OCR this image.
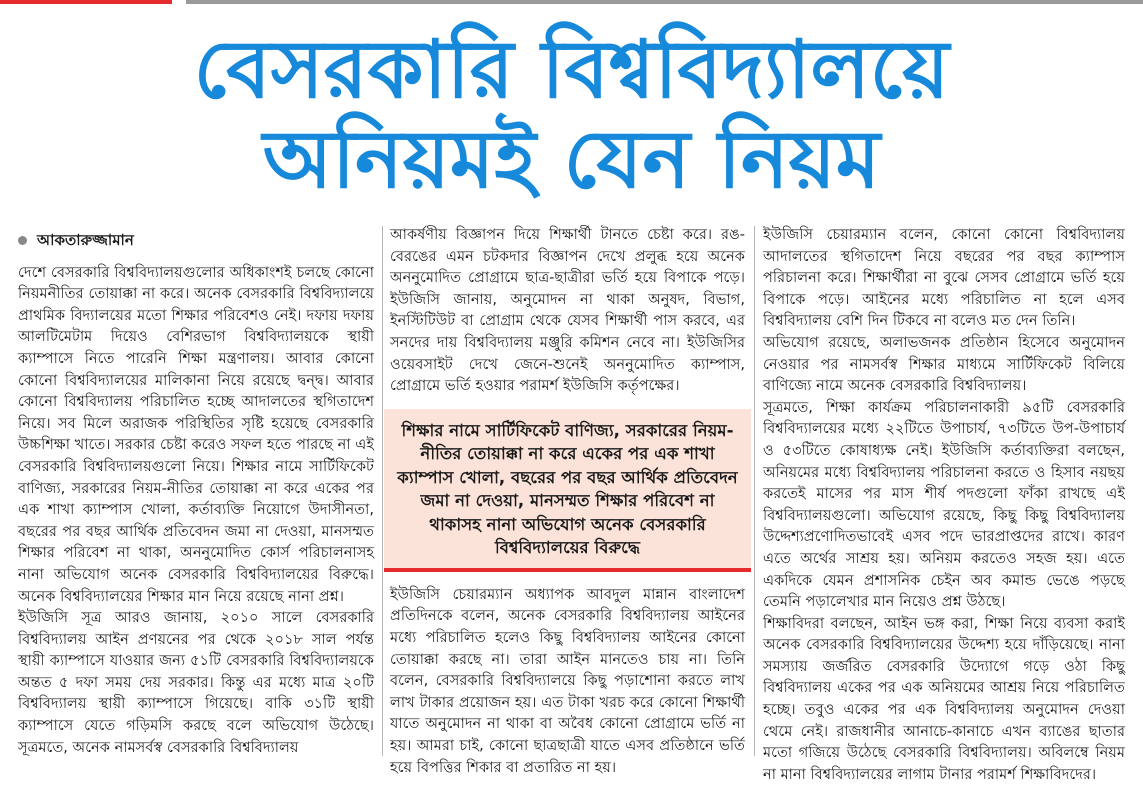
বেসরকারি বিশ্ববিদ্যালয়ে
অনিয়মই যেন নিয়ম
আকতারুজ্জামান

দেশে বেসরকারি বিশ্ববিদ্যালয়গুলোর অধিকাংশই চলছে কোনো নিয়মনীতির তোয়াক্কা না করে। অনেক বেসরকারি বিশ্ববিদ্যালয়ে প্রাথমিক বিদ্যালয়ের মতো শিক্ষার পরিবেশও নেই। দফায় দফায় আলটিমেটাম দিয়েও বেশিরভাগ বিশ্ববিদ্যালয়কে স্থায়ী ক্যাম্পাসে নিতে পারেনি শিক্ষা মন্ত্রণালয়। আবার কোনো কোনো বিশ্ববিদ্যালয়ের মালিকানা নিয়ে রয়েছে দ্বন্দ্ব। আবার কোনো বিশ্ববিদ্যালয় পরিচালিত হচ্ছে আদালতের স্থগিতাদেশ নিয়ে। সব মিলে অরাজক পরিস্থিতির সৃষ্টি হয়েছে বেসরকারি উচ্চশিক্ষা খাতে। সরকার চেষ্টা করেও সফল হতে পারছে না এই বেসরকারি বিশ্ববিদ্যালয়গুলো নিয়ে। শিক্ষার নামে সার্টিফিকেট বাণিজ্য, সরকারের নিয়ম-নীতির তোয়াক্কা না করে একের পর এক শাখা ক্যাম্পাস খোলা, কর্তাব্যক্তি নিয়োগে উদাসীনতা, বছরের পর বছর আর্থিক প্রতিবেদন জমা না দেওয়া, মানসম্মত শিক্ষার পরিবেশ না থাকা, অননুমোদিত কোর্স পরিচালনাসহ নানা অভিযোগ অনেক বেসরকারি বিশ্ববিদ্যালয়ের বিরুদ্ধে। অনেক বিশ্ববিদ্যালয়ের শিক্ষার মান নিয়ে রয়েছে নানা প্রশ্ন।

ইউজিসি সূত্র আরও জানায়, ২০১০ সালে বেসরকারি বিশ্ববিদ্যালয় আইন প্রণয়নের পর থেকে ২০১৮ সাল পর্যন্ত স্থায়ী ক্যাম্পাসে যাওয়ার জন্য ৫১টি বেসরকারি বিশ্ববিদ্যালয়কে অন্তত ৫ দফা সময় দেয় সরকার। কিন্তু এর মধ্যে মাত্র ২০টি বিশ্ববিদ্যালয় স্থায়ী ক্যাম্পাসে গিয়েছে। বাকি ৩১টি স্থায়ী ক্যাম্পাসে যেতে গড়িমসি করছে বলে অভিযোগ উঠেছে। সূত্রমতে, অনেক নামসর্বস্ব বেসরকারি বিশ্ববিদ্যালয়

আকর্ষণীয় বিজ্ঞাপন দিয়ে শিক্ষার্থী টানতে চেষ্টা করে। রঙ-বেরঙের এমন চটকদার বিজ্ঞাপন দেখে প্রলুব্ধ হয়ে অনেক অননুমোদিত প্রোগ্রামে ছাত্র-ছাত্রীরা ভর্তি হয়ে বিপাকে পড়ে। ইউজিসি জানায়, অনুমোদন না থাকা অনুষদ, বিভাগ, ইনস্টিটিউট বা প্রোগ্রাম থেকে যেসব শিক্ষার্থী পাস করবে, এর সনদের দায় বিশ্ববিদ্যালয় মঞ্জুরি কমিশন নেবে না। ইউজিসির ওয়েবসাইট দেখে জেনে-শুনেই অননুমোদিত ক্যাম্পাস, প্রোগ্রামে ভর্তি হওয়ার পরামর্শ ইউজিসি কর্তৃপক্ষের।

শিক্ষার নামে সার্টিফিকেট বাণিজ্য, সরকারের নিয়ম-নীতির তোয়াক্কা না করে একের পর এক শাখা ক্যাম্পাস খোলা, বছরের পর বছর আর্থিক প্রতিবেদন জমা না দেওয়া, মানসম্মত শিক্ষার পরিবেশ না থাকাসহ নানা অভিযোগ অনেক বেসরকারি বিশ্ববিদ্যালয়ের বিরুদ্ধে

ইউজিসি চেয়ারম্যান অধ্যাপক আবদুল মান্নান বাংলাদেশ প্রতিদিনকে বলেন, অনেক বেসরকারি বিশ্ববিদ্যালয় আইনের মধ্যে পরিচালিত হলেও কিছু বিশ্ববিদ্যালয় আইনের কোনো তোয়াক্কা করছে না। তারা আইন মানতেও চায় না। তিনি বলেন, বেসরকারি বিশ্ববিদ্যালয়ে কিছু পড়াশোনা করতে লাখ লাখ টাকার প্রয়োজন হয়। এত টাকা খরচ করে কোনো শিক্ষার্থী যাতে অনুমোদন না থাকা বা অবৈধ কোনো প্রোগ্রামে ভর্তি না হয়। আমরা চাই, কোনো ছাত্রছাত্রী যাতে এসব প্রতিষ্ঠানে ভর্তি হয়ে বিপত্তির শিকার বা প্রতারিত না হয়।

ইউজিসি চেয়ারম্যান বলেন, কোনো কোনো বিশ্ববিদ্যালয় আদালতের স্থগিতাদেশ নিয়ে বছরের পর বছর ক্যাম্পাস পরিচালনা করে। শিক্ষার্থীরা না বুঝে সেসব প্রোগ্রামে ভর্তি হয়ে বিপাকে পড়ে। আইনের মধ্যে পরিচালিত না হলে এসব বিশ্ববিদ্যালয় বেশি দিন টিকবে না বলেও মত দেন তিনি।

অভিযোগ রয়েছে, অলাভজনক প্রতিষ্ঠান হিসেবে অনুমোদন নেওয়ার পর নামসর্বস্ব শিক্ষার মাধ্যমে সার্টিফিকেট বিলিয়ে বাণিজ্যে নামে অনেক বেসরকারি বিশ্ববিদ্যালয়।

সূত্রমতে, শিক্ষা কার্যক্রম পরিচালনাকারী ৯৫টি বেসরকারি বিশ্ববিদ্যালয়ের মধ্যে ২২টিতে উপাচার্য, ৭৩টিতে উপ-উপাচার্য ও ৫৩টিতে কোষাধ্যক্ষ নেই। ইউজিসি কর্তাব্যক্তিরা বলছেন, অনিয়মের মধ্যে বিশ্ববিদ্যালয় পরিচালনা করতে ও হিসাব নয়ছয় করতেই মাসের পর মাস শীর্ষ পদগুলো ফাঁকা রাখছে এই বিশ্ববিদ্যালয়গুলো। অভিযোগ রয়েছে, কিছু কিছু বিশ্ববিদ্যালয় উদ্দেশ্যপ্রণোদিতভাবেই এসব পদে ভারপ্রাপ্তদের রাখে। কারণ এতে অর্থের সাশ্রয় হয়। অনিয়ম করতেও সহজ হয়। এতে একদিকে যেমন প্রশাসনিক চেইন অব কমান্ড ভেঙে পড়ছে তেমনি পড়ালেখার মান নিয়েও প্রশ্ন উঠছে।

শিক্ষাবিদরা বলছেন, আইন ভঙ্গ করা, শিক্ষা নিয়ে ব্যবসা করাই অনেক বেসরকারি বিশ্ববিদ্যালয়ের উদ্দেশ্য হয়ে দাঁড়িয়েছে। নানা সমস্যায় জর্জরিত বেসরকারি উদ্যোগে গড়ে ওঠা কিছু বিশ্ববিদ্যালয় একের পর এক অনিয়মের আশ্রয় নিয়ে পরিচালিত হচ্ছে। তবুও একের পর এক বিশ্ববিদ্যালয় অনুমোদন দেওয়া থেমে নেই। রাজধানীর আনাচে-কানাচে এখন ব্যাঙের ছাতার মতো গজিয়ে উঠেছে বেসরকারি বিশ্ববিদ্যালয়। অবিলম্বে নিয়ম না মানা বিশ্ববিদ্যালয়ের লাগাম টানার পরামর্শ শিক্ষাবিদদের।
